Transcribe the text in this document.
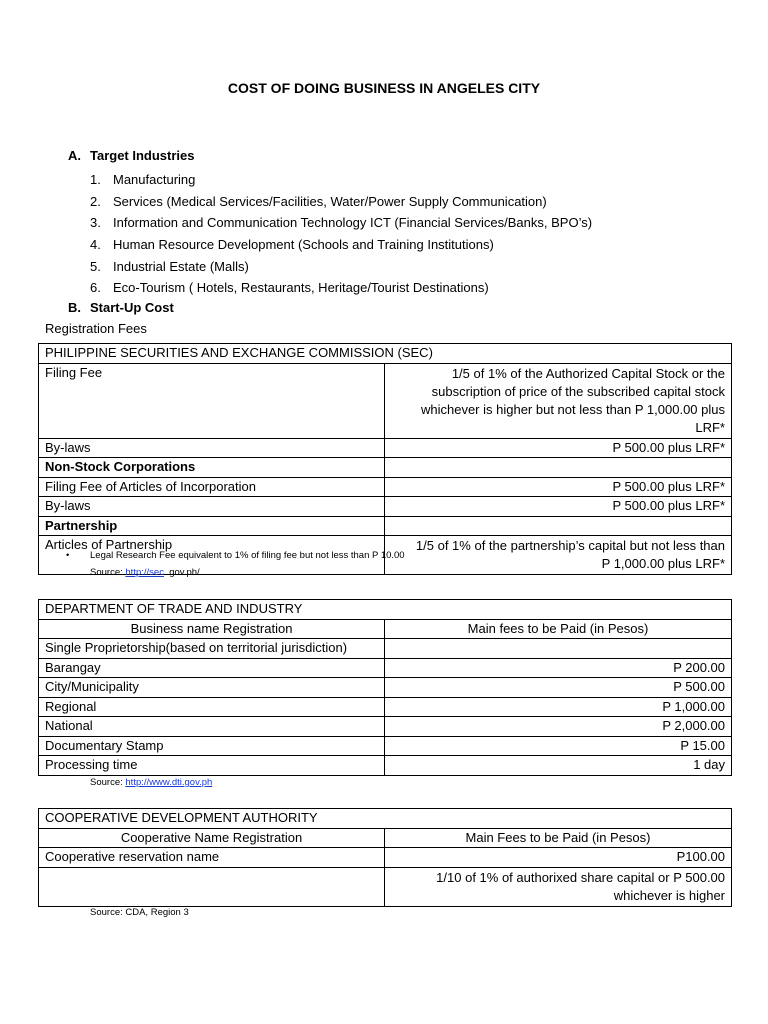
COST OF DOING BUSINESS IN ANGELES CITY
A. Target Industries
1. Manufacturing
2. Services (Medical Services/Facilities, Water/Power Supply Communication)
3. Information and Communication Technology ICT (Financial Services/Banks, BPO’s)
4. Human Resource Development (Schools and Training Institutions)
5. Industrial Estate (Malls)
6. Eco-Tourism ( Hotels, Restaurants, Heritage/Tourist Destinations)
B. Start-Up Cost
Registration Fees
PHILIPPINE SECURITIES AND EXCHANGE COMMISSION (SEC)	
Filing Fee	1/5 of 1% of the Authorized Capital Stock or the
subscription of price of the subscribed capital stock
whichever is higher but not less than P 1,000.00 plus LRF*

By-laws	P 500.00 plus LRF*
Non-Stock Corporations	
Filing Fee of Articles of Incorporation	P 500.00 plus LRF*
By-laws	P 500.00 plus LRF*
Partnership	
Articles of Partnership	1/5 of 1% of the partnership’s capital but not less than
P 1,000.00 plus LRF*
• Legal Research Fee equivalent to 1% of filing fee but not less than P 10.00
Source: http://sec. gov.ph/
DEPARTMENT OF TRADE AND INDUSTRY	
Business name Registration	Main fees to be Paid (in Pesos)
Single Proprietorship(based on territorial jurisdiction)	
Barangay	P 200.00
City/Municipality	P 500.00
Regional	P 1,000.00
National	P 2,000.00
Documentary Stamp	P 15.00
Processing time	1 day
Source: http://www.dti.gov.ph
COOPERATIVE DEVELOPMENT AUTHORITY	
Cooperative Name Registration	Main Fees to be Paid (in Pesos)
Cooperative reservation name	P100.00

	1/10 of 1% of authorixed share capital or P 500.00
whichever is higher
Source: CDA, Region 3
